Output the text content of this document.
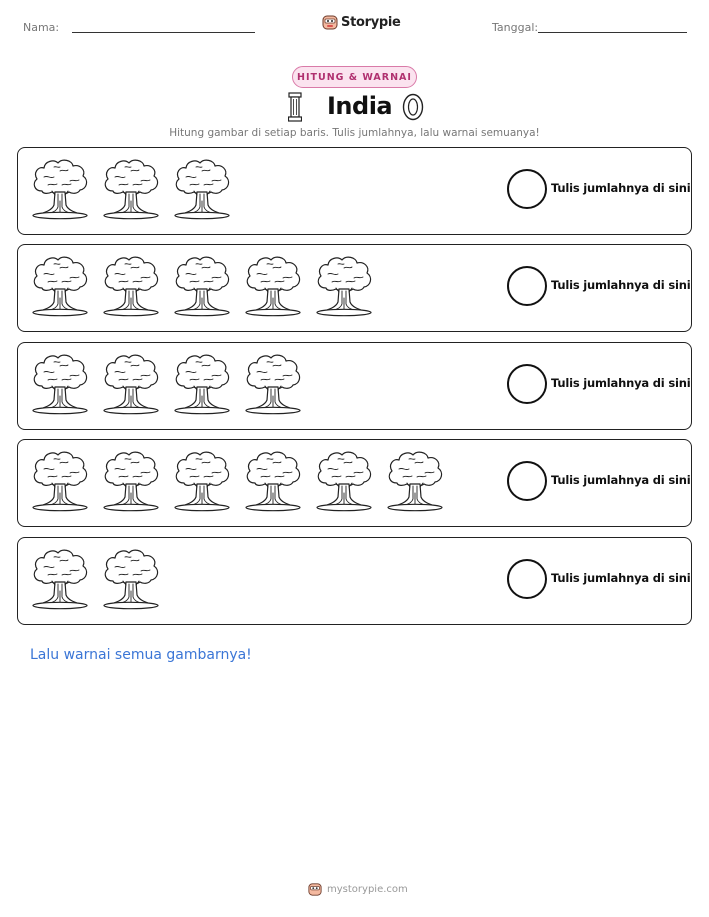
Nama:	Storypie	Tanggal:
HITUNG & WARNAI
India
Hitung gambar di setiap baris. Tulis jumlahnya, lalu warnai semuanya!
Tulis jumlahnya di sini
Tulis jumlahnya di sini
Tulis jumlahnya di sini
Tulis jumlahnya di sini
Tulis jumlahnya di sini
Lalu warnai semua gambarnya!
mystorypie.com
